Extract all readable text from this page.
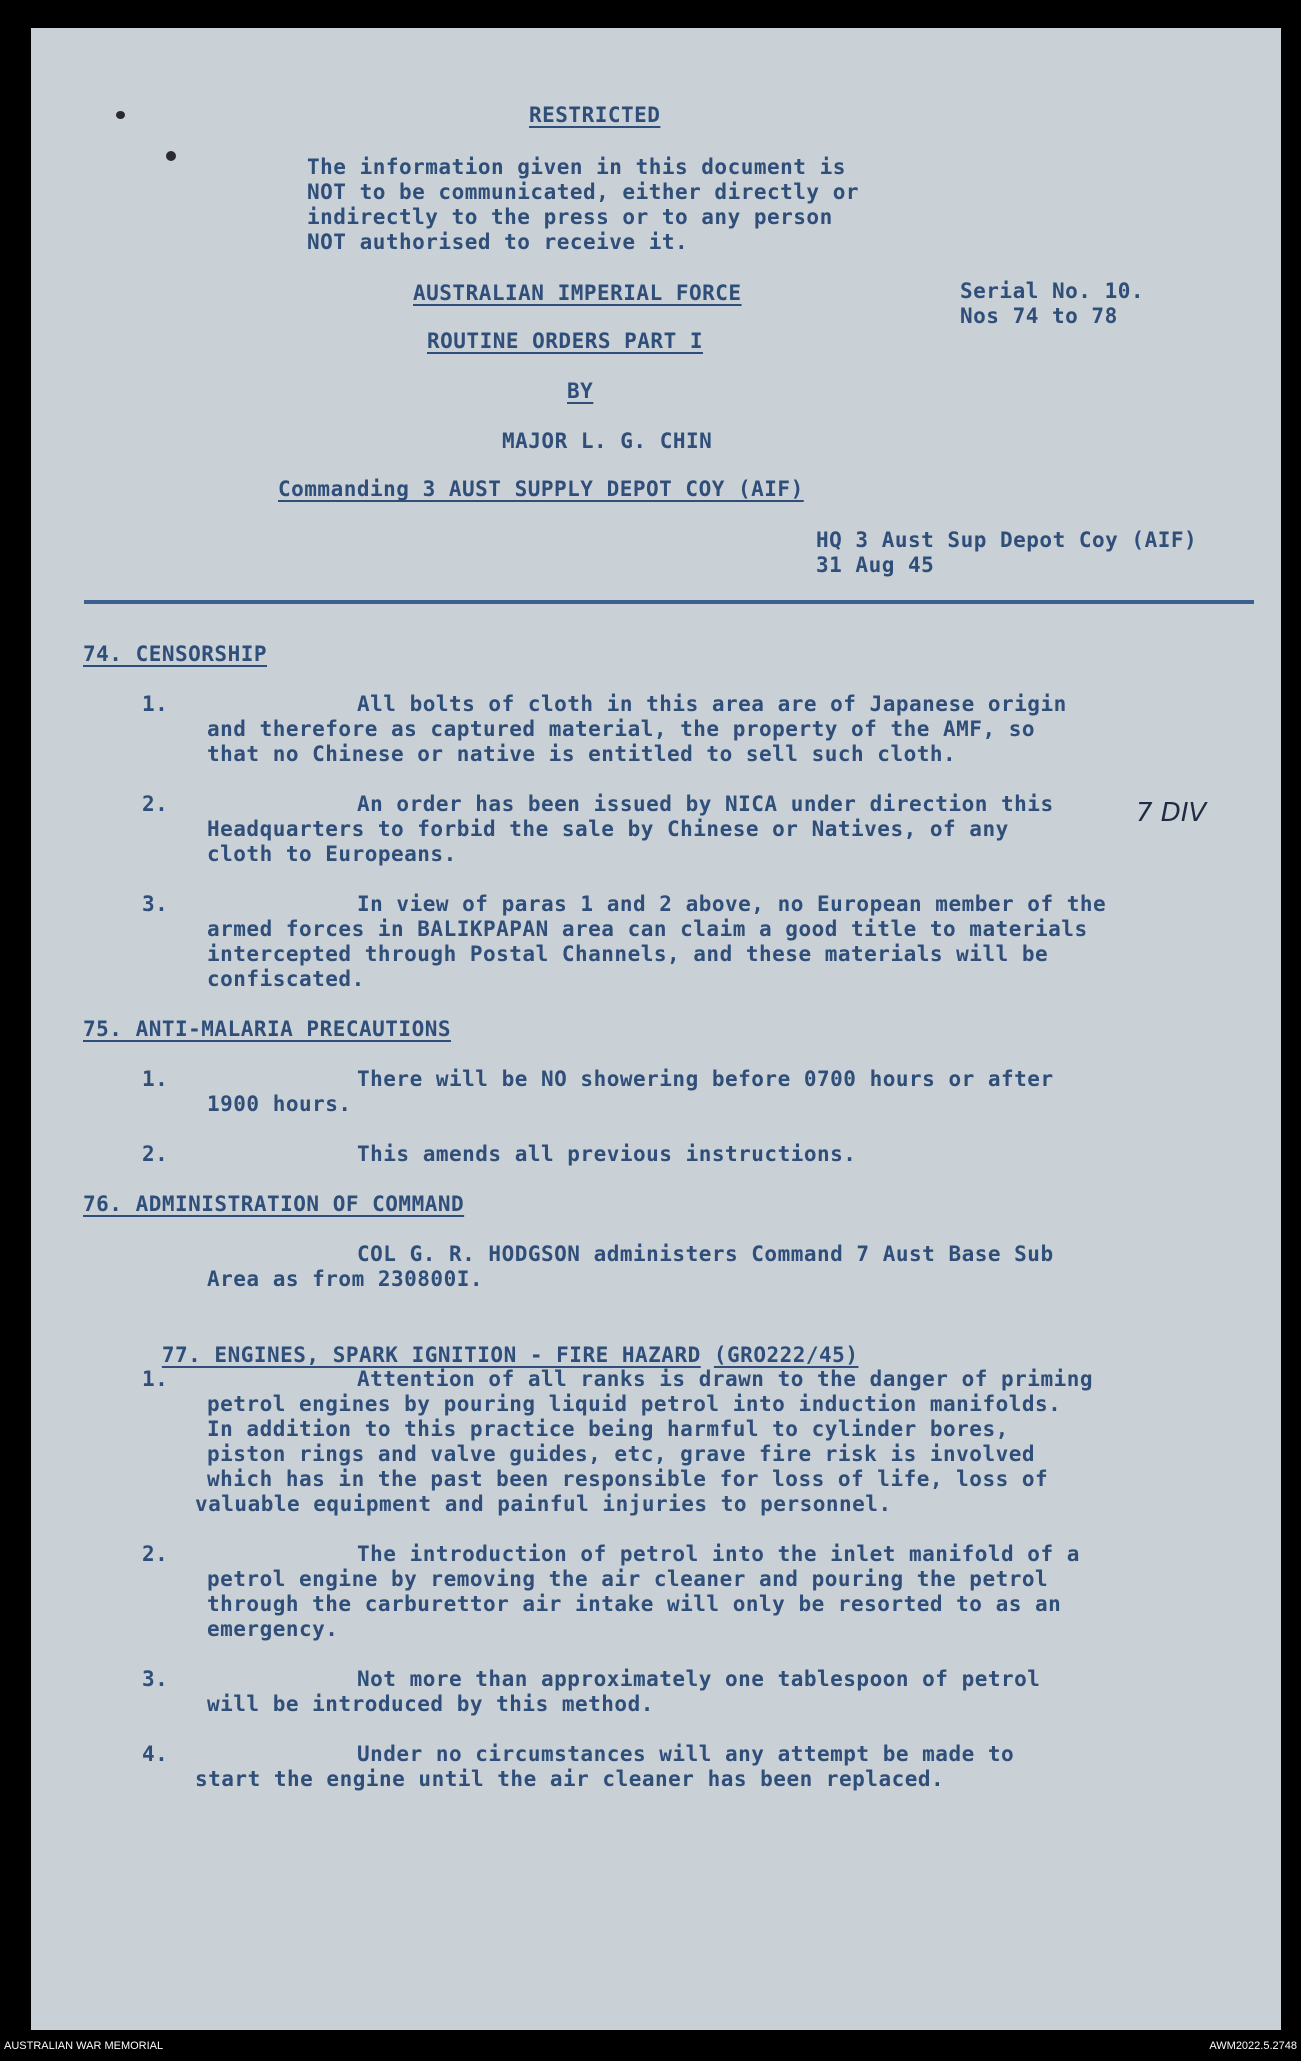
RESTRICTED
The information given in this document is
NOT to be communicated, either directly or
indirectly to the press or to any person
NOT authorised to receive it.
AUSTRALIAN IMPERIAL FORCE	Serial No. 10.
Nos 74 to 78
ROUTINE ORDERS PART I
BY
MAJOR L. G. CHIN
Commanding 3 AUST SUPPLY DEPOT COY (AIF)
HQ 3 Aust Sup Depot Coy (AIF)
31 Aug 45
74. CENSORSHIP
1.	All bolts of cloth in this area are of Japanese origin
and therefore as captured material, the property of the AMF, so
that no Chinese or native is entitled to sell such cloth.
2.	An order has been issued by NICA under direction this
Headquarters to forbid the sale by Chinese or Natives, of any
cloth to Europeans.
7 DIV
3.	In view of paras 1 and 2 above, no European member of the
armed forces in BALIKPAPAN area can claim a good title to materials
intercepted through Postal Channels, and these materials will be
confiscated.
75. ANTI-MALARIA PRECAUTIONS
1.	There will be NO showering before 0700 hours or after
1900 hours.
2.	This amends all previous instructions.
76. ADMINISTRATION OF COMMAND
COL G. R. HODGSON administers Command 7 Aust Base Sub
Area as from 230800I.

77. ENGINES, SPARK IGNITION - FIRE HAZARD (GRO222/45)

1.	Attention of all ranks is drawn to the danger of priming
petrol engines by pouring liquid petrol into induction manifolds.
In addition to this practice being harmful to cylinder bores,
piston rings and valve guides, etc, grave fire risk is involved
which has in the past been responsible for loss of life, loss of
valuable equipment and painful injuries to personnel.
2.	The introduction of petrol into the inlet manifold of a
petrol engine by removing the air cleaner and pouring the petrol
through the carburettor air intake will only be resorted to as an
emergency.
3.	Not more than approximately one tablespoon of petrol
will be introduced by this method.
4.	Under no circumstances will any attempt be made to
start the engine until the air cleaner has been replaced.
AUSTRALIAN WAR MEMORIAL	AWM2022.5.2748
